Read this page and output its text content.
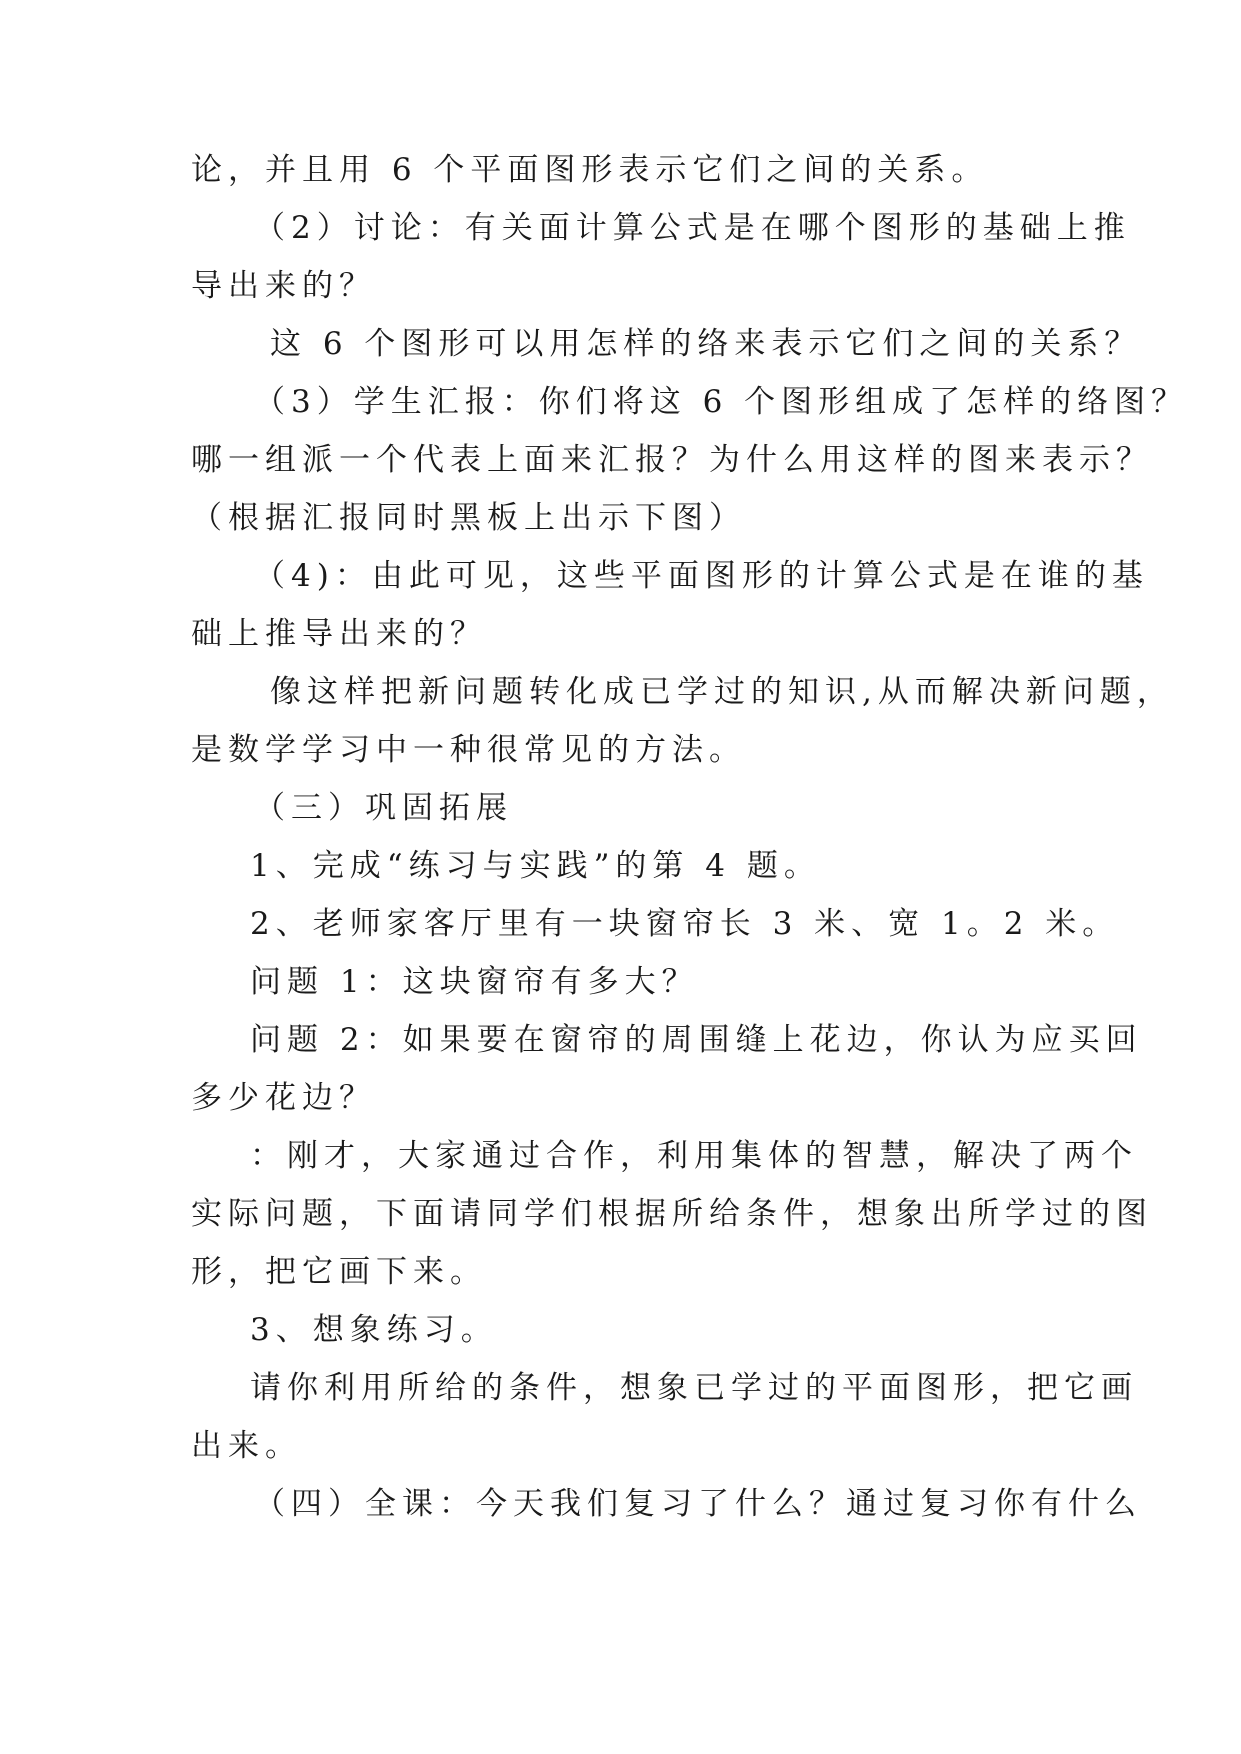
论，并且用 6 个平面图形表示它们之间的关系。
（2）讨论：有关面计算公式是在哪个图形的基础上推
导出来的？
这 6 个图形可以用怎样的络来表示它们之间的关系？
（3）学生汇报：你们将这 6 个图形组成了怎样的络图？
哪一组派一个代表上面来汇报？为什么用这样的图来表示？
（根据汇报同时黑板上出示下图）
（4)：由此可见，这些平面图形的计算公式是在谁的基
础上推导出来的？
像这样把新问题转化成已学过的知识,从而解决新问题，
是数学学习中一种很常见的方法。
（三）巩固拓展
1、完成“练习与实践”的第 4 题。
2、老师家客厅里有一块窗帘长 3 米、宽 1。2 米。
问题 1：这块窗帘有多大？
问题 2：如果要在窗帘的周围缝上花边，你认为应买回
多少花边？
：刚才，大家通过合作，利用集体的智慧，解决了两个
实际问题，下面请同学们根据所给条件，想象出所学过的图
形，把它画下来。
3、想象练习。
请你利用所给的条件，想象已学过的平面图形，把它画
出来。
（四）全课：今天我们复习了什么？通过复习你有什么
